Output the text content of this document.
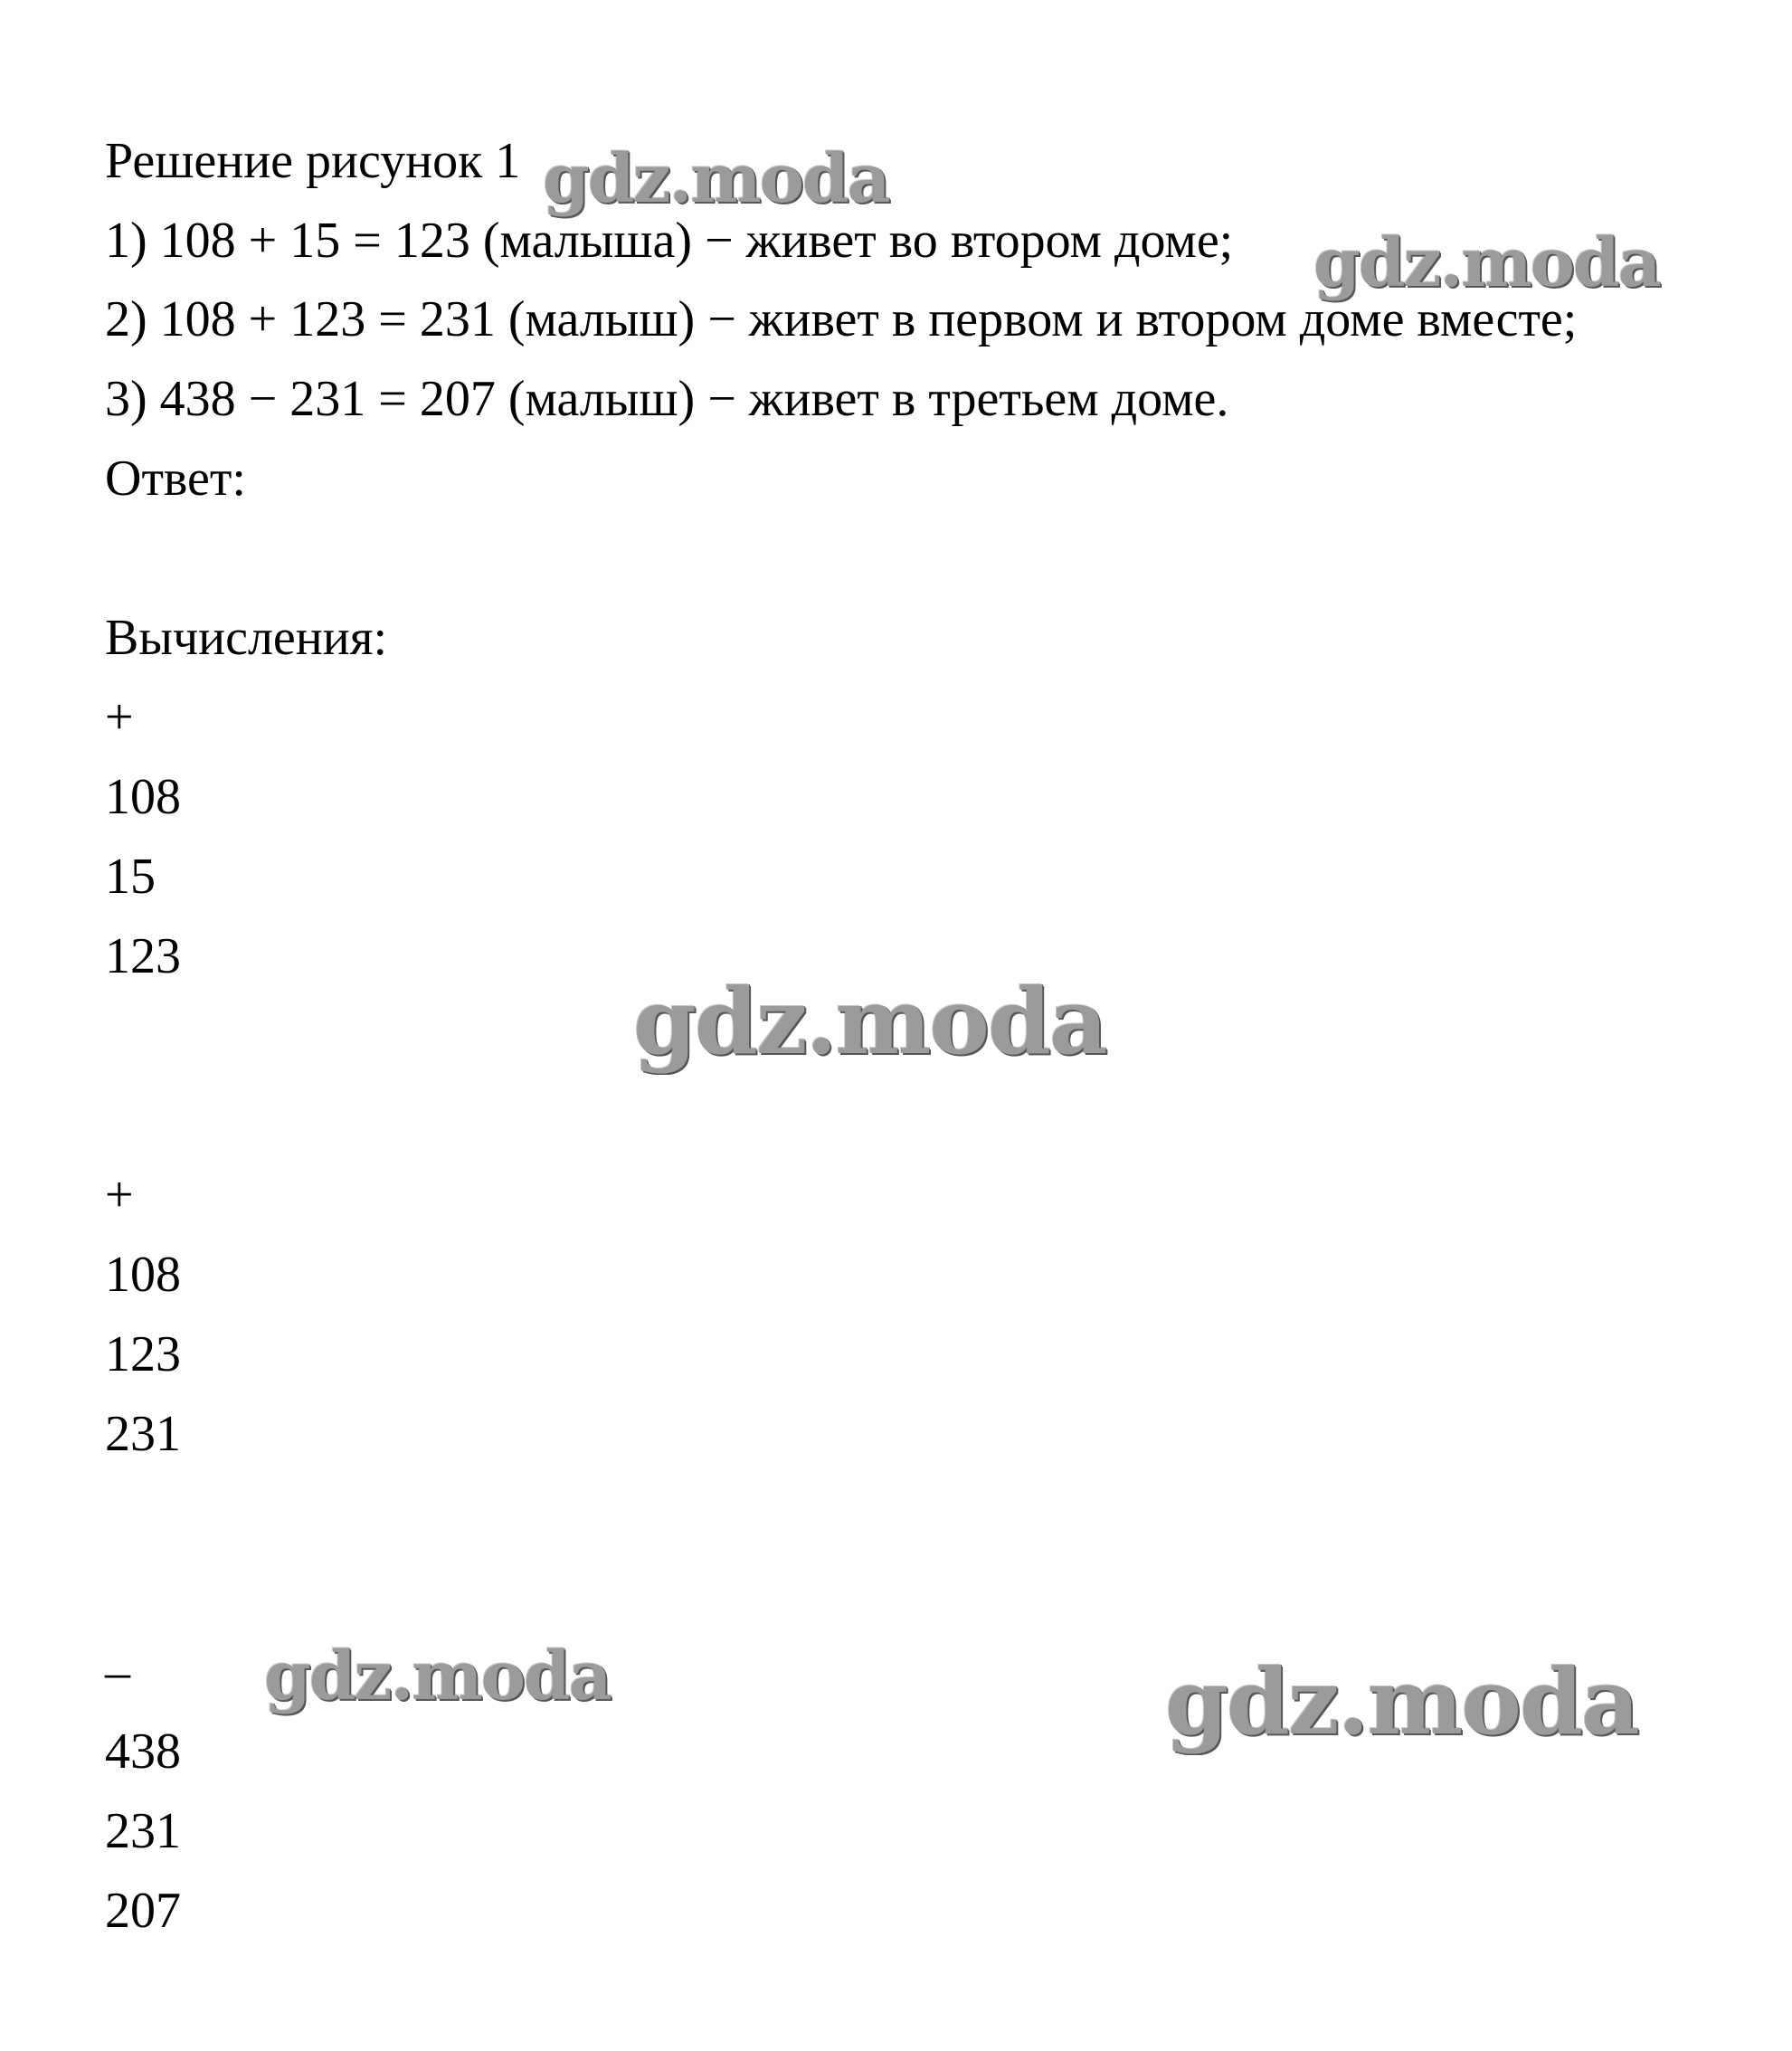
Решение рисунок 1

1) 108 + 15 = 123 (малыша) − живет во втором доме;

2) 108 + 123 = 231 (малыш) − живет в первом и втором доме вместе;

3) 438 − 231 = 207 (малыш) − живет в третьем доме.

Ответ:

Вычисления:

+

108

15

123

+

108

123

231

–

438

231

207

gdz.moda
gdz.moda
gdz.moda
gdz.moda	gdz.moda
